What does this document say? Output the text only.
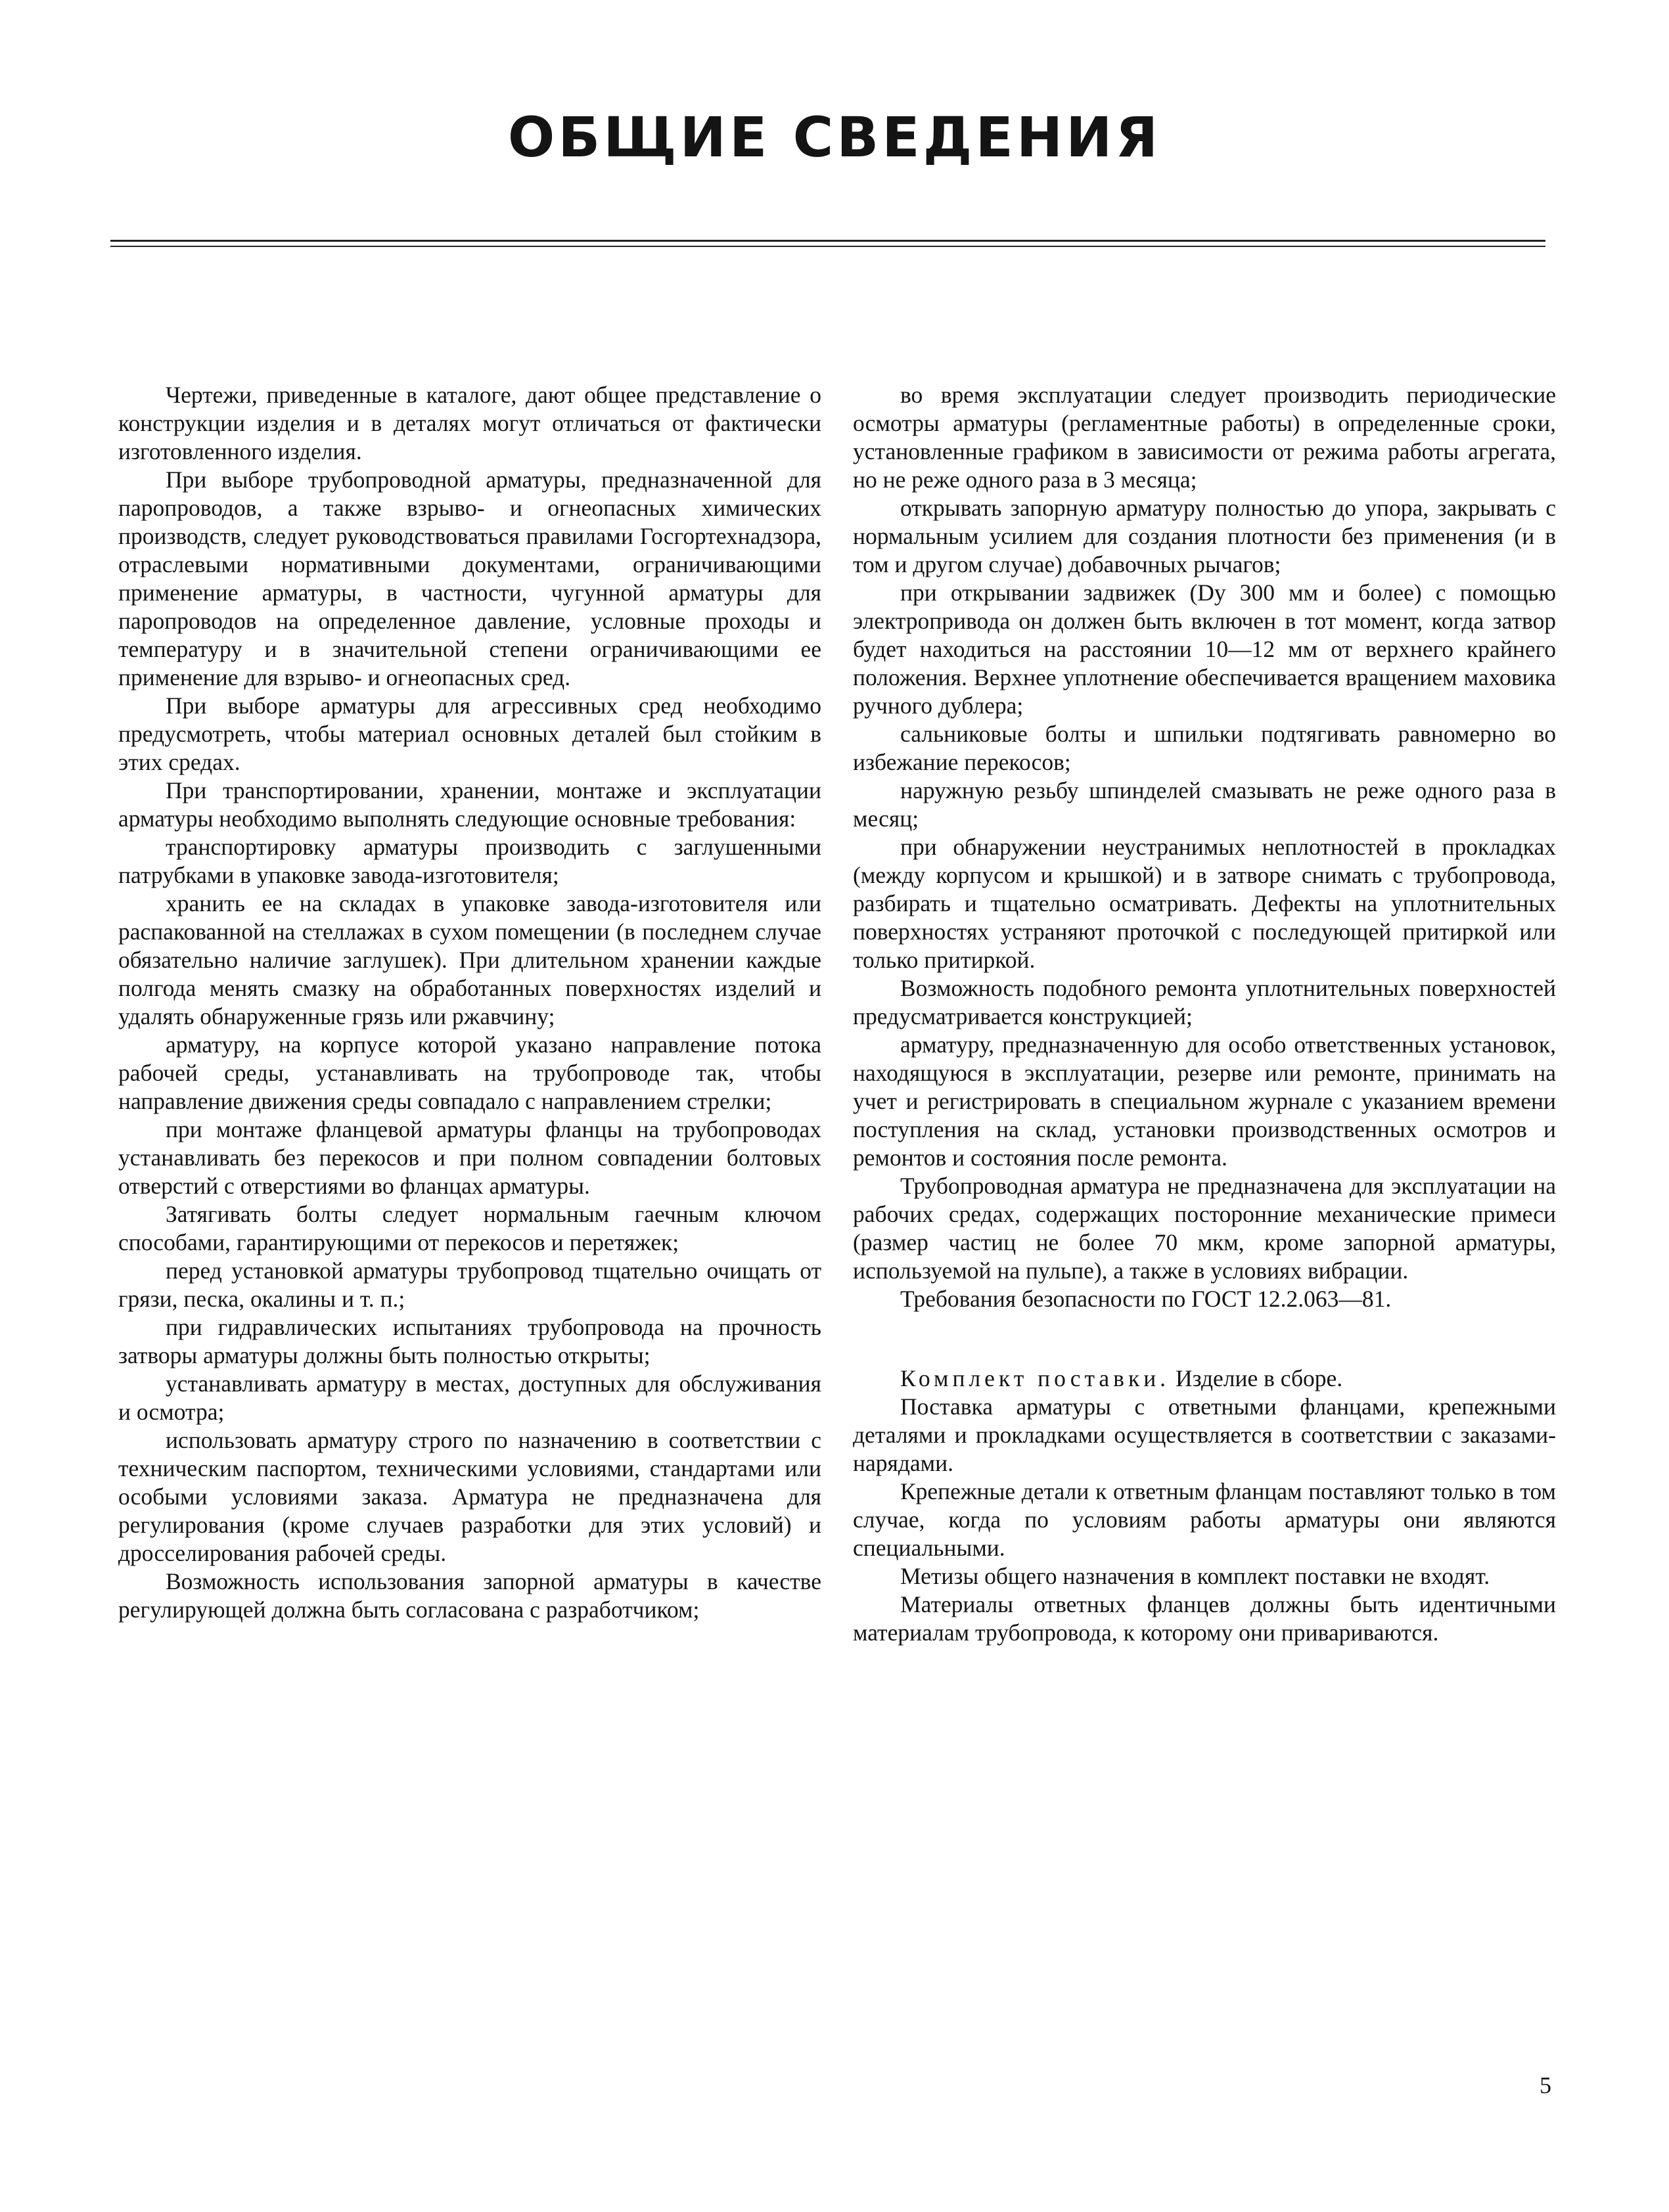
ОБЩИЕ СВЕДЕНИЯ

Чертежи, приведенные в каталоге, дают общее представление о конструкции изделия и в деталях могут отличаться от фактически изготовленного изделия.

При выборе трубопроводной арматуры, предназначенной для паропроводов, а также взрыво- и огнеопасных химических производств, следует руководствоваться правилами Госгортехнадзора, отраслевыми нормативными документами, ограничивающими применение арматуры, в частности, чугунной арматуры для паропроводов на определенное давление, условные проходы и температуру и в значительной степени ограничивающими ее применение для взрыво- и огнеопасных сред.

При выборе арматуры для агрессивных сред необходимо предусмотреть, чтобы материал основных деталей был стойким в этих средах.

При транспортировании, хранении, монтаже и эксплуатации арматуры необходимо выполнять следующие основные требования:

транспортировку арматуры производить с заглушенными патрубками в упаковке завода-изготовителя;

хранить ее на складах в упаковке завода-изготовителя или распакованной на стеллажах в сухом помещении (в последнем случае обязательно наличие заглушек). При длительном хранении каждые полгода менять смазку на обработанных поверхностях изделий и удалять обнаруженные грязь или ржавчину;

арматуру, на корпусе которой указано направление потока рабочей среды, устанавливать на трубопроводе так, чтобы направление движения среды совпадало с направлением стрелки;

при монтаже фланцевой арматуры фланцы на трубопроводах устанавливать без перекосов и при полном совпадении болтовых отверстий с отверстиями во фланцах арматуры.

Затягивать болты следует нормальным гаечным ключом способами, гарантирующими от перекосов и перетяжек;

перед установкой арматуры трубопровод тщательно очищать от грязи, песка, окалины и т. п.;

при гидравлических испытаниях трубопровода на прочность затворы арматуры должны быть полностью открыты;

устанавливать арматуру в местах, доступных для обслуживания и осмотра;

использовать арматуру строго по назначению в соответствии с техническим паспортом, техническими условиями, стандартами или особыми условиями заказа. Арматура не предназначена для регулирования (кроме случаев разработки для этих условий) и дросселирования рабочей среды.

Возможность использования запорной арматуры в качестве регулирующей должна быть согласована с разработчиком;

во время эксплуатации следует производить периодические осмотры арматуры (регламентные работы) в определенные сроки, установленные графиком в зависимости от режима работы агрегата, но не реже одного раза в 3 месяца;

открывать запорную арматуру полностью до упора, закрывать с нормальным усилием для создания плотности без применения (и в том и другом случае) добавочных рычагов;

при открывании задвижек (Dу 300 мм и более) с помощью электропривода он должен быть включен в тот момент, когда затвор будет находиться на расстоянии 10—12 мм от верхнего крайнего положения. Верхнее уплотнение обеспечивается вращением маховика ручного дублера;

сальниковые болты и шпильки подтягивать равномерно во избежание перекосов;

наружную резьбу шпинделей смазывать не реже одного раза в месяц;

при обнаружении неустранимых неплотностей в прокладках (между корпусом и крышкой) и в затворе снимать с трубопровода, разбирать и тщательно осматривать. Дефекты на уплотнительных поверхностях устраняют проточкой с последующей притиркой или только притиркой.

Возможность подобного ремонта уплотнительных поверхностей предусматривается конструкцией;

арматуру, предназначенную для особо ответственных установок, находящуюся в эксплуатации, резерве или ремонте, принимать на учет и регистрировать в специальном журнале с указанием времени поступления на склад, установки производственных осмотров и ремонтов и состояния после ремонта.

Трубопроводная арматура не предназначена для эксплуатации на рабочих средах, содержащих посторонние механические примеси (размер частиц не более 70 мкм, кроме запорной арматуры, используемой на пульпе), а также в условиях вибрации.

Требования безопасности по ГОСТ 12.2.063—81.

Комплект поставки. Изделие в сборе.

Поставка арматуры с ответными фланцами, крепежными деталями и прокладками осуществляется в соответствии с заказами-нарядами.

Крепежные детали к ответным фланцам поставляют только в том случае, когда по условиям работы арматуры они являются специальными.

Метизы общего назначения в комплект поставки не входят.

Материалы ответных фланцев должны быть идентичными материалам трубопровода, к которому они привариваются.

5
